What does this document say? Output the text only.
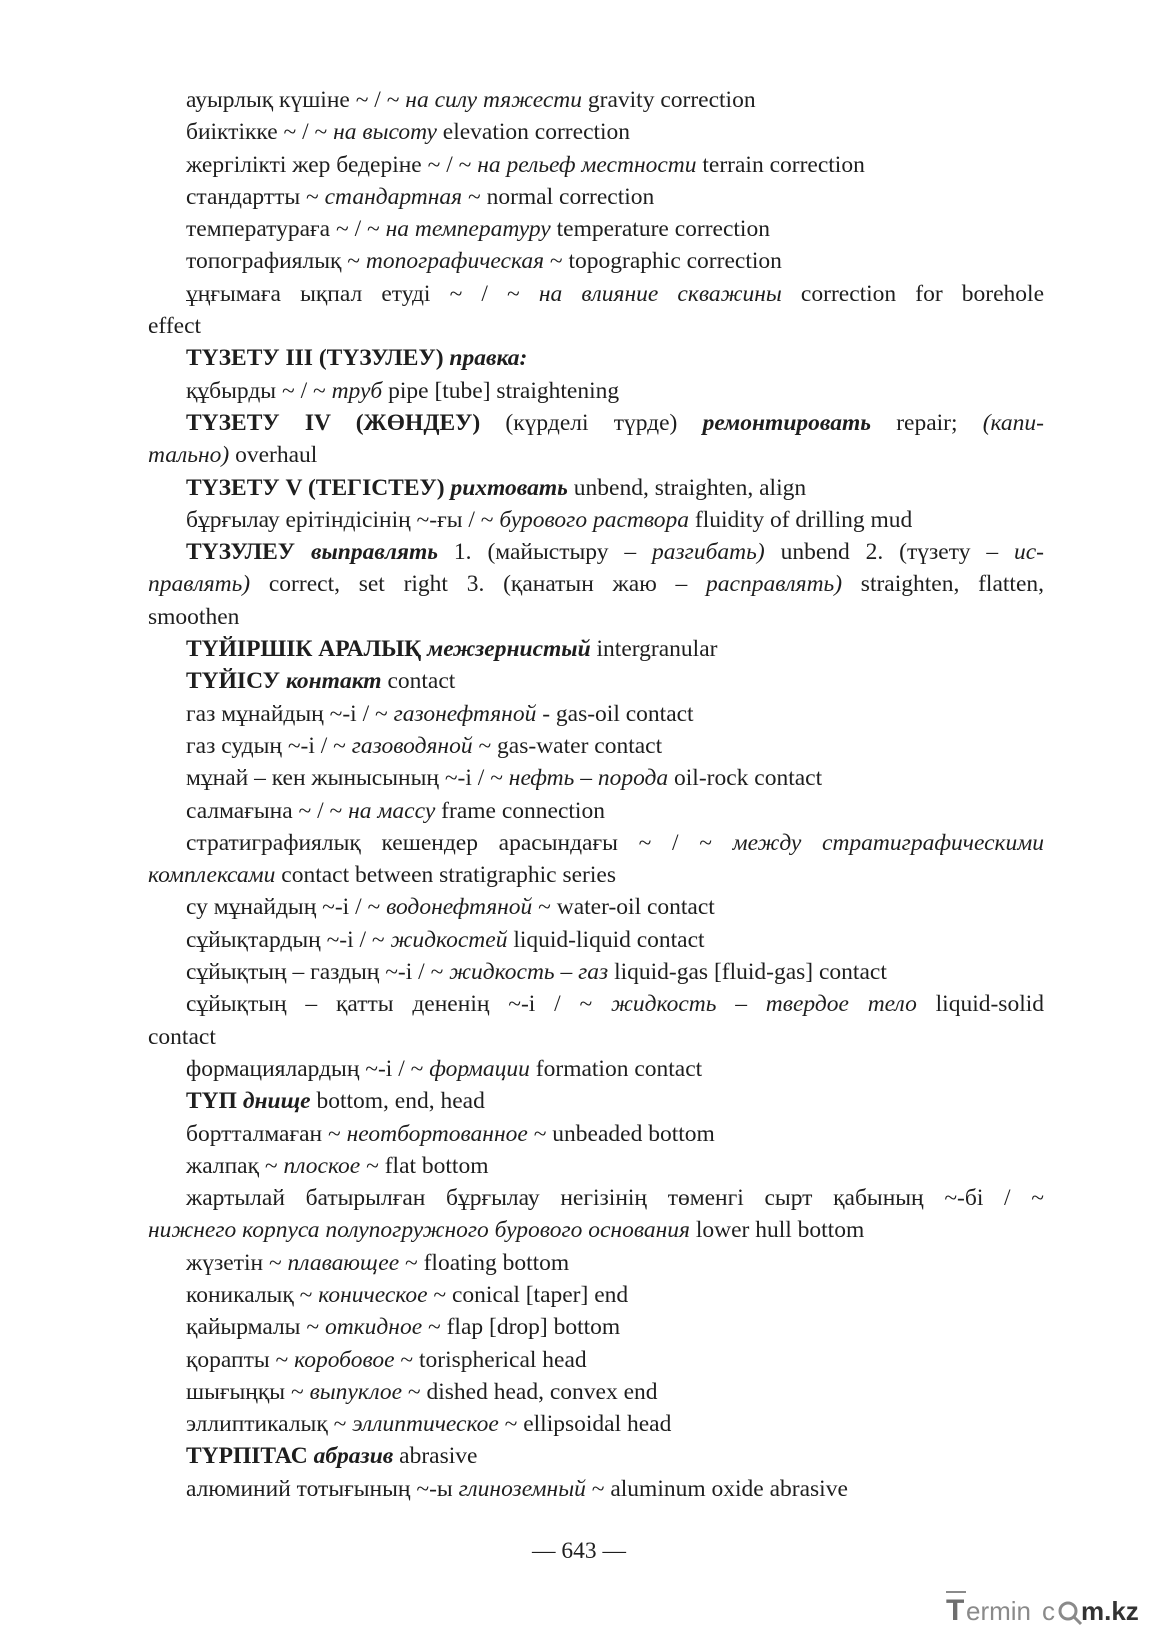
ауырлық күшіне ~ / ~ на силу тяжести gravity correction
биіктікке ~ / ~ на высоту elevation correction
жергілікті жер бедеріне ~ / ~ на рельеф местности terrain correction
стандартты ~ стандартная ~ normal correction
температураға ~ / ~ на температуру temperature correction
топографиялық ~ топографическая ~ topographic correction
ұңғымаға ықпал етуді ~ / ~ на влияние скважины correction for borehole
effect
ТҮЗЕТУ III (ТҮЗУЛЕУ) правка:
құбырды ~ / ~ труб pipe [tube] straightening
ТҮЗЕТУ IV (ЖӨНДЕУ) (күрделі түрде) ремонтировать repair; (капи-
тально) overhaul
ТҮЗЕТУ V (ТЕГІСТЕУ) рихтовать unbend, straighten, align
бұрғылау ерітіндісінің ~-ғы / ~ бурового раствора fluidity of drilling mud
ТҮЗУЛЕУ выправлять 1. (майыстыру – разгибать) unbend 2. (түзету – ис-
правлять) correct, set right 3. (қанатын жаю – расправлять) straighten, flatten,
smoothen
ТҮЙІРШІК АРАЛЫҚ межзернистый intergranular
ТҮЙІСУ контакт contact
газ мұнайдың ~-і / ~ газонефтяной - gas-oil contact
газ судың ~-і / ~ газоводяной ~ gas-water contact
мұнай – кен жынысының ~-і / ~ нефть – порода oil-rock contact
салмағына ~ / ~ на массу frame connection
стратиграфиялық кешендер арасындағы ~ / ~ между стратиграфическими
комплексами contact between stratigraphic series
су мұнайдың ~-і / ~ водонефтяной ~ water-oil contact
сұйықтардың ~-і / ~ жидкостей liquid-liquid contact
сұйықтың – газдың ~-і / ~ жидкость – газ liquid-gas [fluid-gas] contact
сұйықтың – қатты дененің ~-і / ~ жидкость – твердое тело liquid-solid
contact
формациялардың ~-і / ~ формации formation contact
ТҮП днище bottom, end, head
бортталмаған ~ неотбортованное ~ unbeaded bottom
жалпақ ~ плоское ~ flat bottom
жартылай батырылған бұрғылау негізінің төменгі сырт қабының ~-бі / ~
нижнего корпуса полупогружного бурового основания lower hull bottom
жүзетін ~ плавающее ~ floating bottom
коникалық ~ коническое ~ conical [taper] end
қайырмалы ~ откидное ~ flap [drop] bottom
қорапты ~ коробовое ~ torispherical head
шығыңқы ~ выпуклое ~ dished head, convex end
эллиптикалық ~ эллиптическое ~ ellipsoidal head
ТҮРПІТАС абразив abrasive
алюминий тотығының ~-ы глиноземный ~ aluminum oxide abrasive
— 643 —
T ermin c m.kz
